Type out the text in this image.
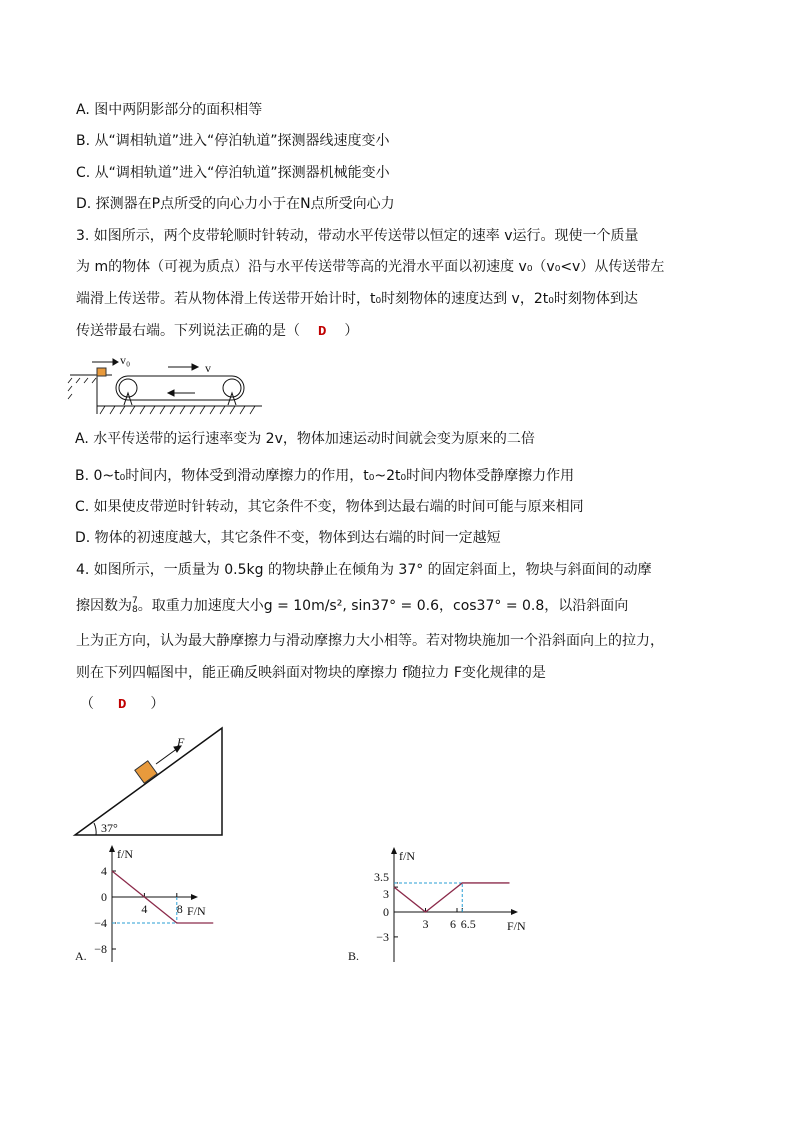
A. 图中两阴影部分的面积相等
B. 从“调相轨道”进入“停泊轨道”探测器线速度变小
C. 从“调相轨道”进入“停泊轨道”探测器机械能变小
D. 探测器在P点所受的向心力小于在N点所受向心力
3. 如图所示，两个皮带轮顺时针转动，带动水平传送带以恒定的速率 v运行。现使一个质量
为 m的物体（可视为质点）沿与水平传送带等高的光滑水平面以初速度 v₀（v₀<v）从传送带左
端滑上传送带。若从物体滑上传送带开始计时，t₀时刻物体的速度达到 v，2t₀时刻物体到达
传送带最右端。下列说法正确的是（ D ）
v₀
v
37°
F
f/N
F/N
A.
4
0
−4
−8
4 8
f/N
F/N
B.
3.5
3
0
−3
3 6 6.5
A. 水平传送带的运行速率变为 2v，物体加速运动时间就会变为原来的二倍
B. 0~t₀时间内，物体受到滑动摩擦力的作用，t₀~2t₀时间内物体受静摩擦力作用
C. 如果使皮带逆时针转动，其它条件不变，物体到达最右端的时间可能与原来相同
D. 物体的初速度越大，其它条件不变，物体到达右端的时间一定越短
4. 如图所示，一质量为 0.5kg 的物块静止在倾角为 37° 的固定斜面上，物块与斜面间的动摩
擦因数为7
8。取重力加速度大小g = 10m/s², sin37° = 0.6，cos37° = 0.8，以沿斜面向
上为正方向，认为最大静摩擦力与滑动摩擦力大小相等。若对物块施加一个沿斜面向上的拉力，
则在下列四幅图中，能正确反映斜面对物块的摩擦力 f随拉力 F变化规律的是
（ D ）
